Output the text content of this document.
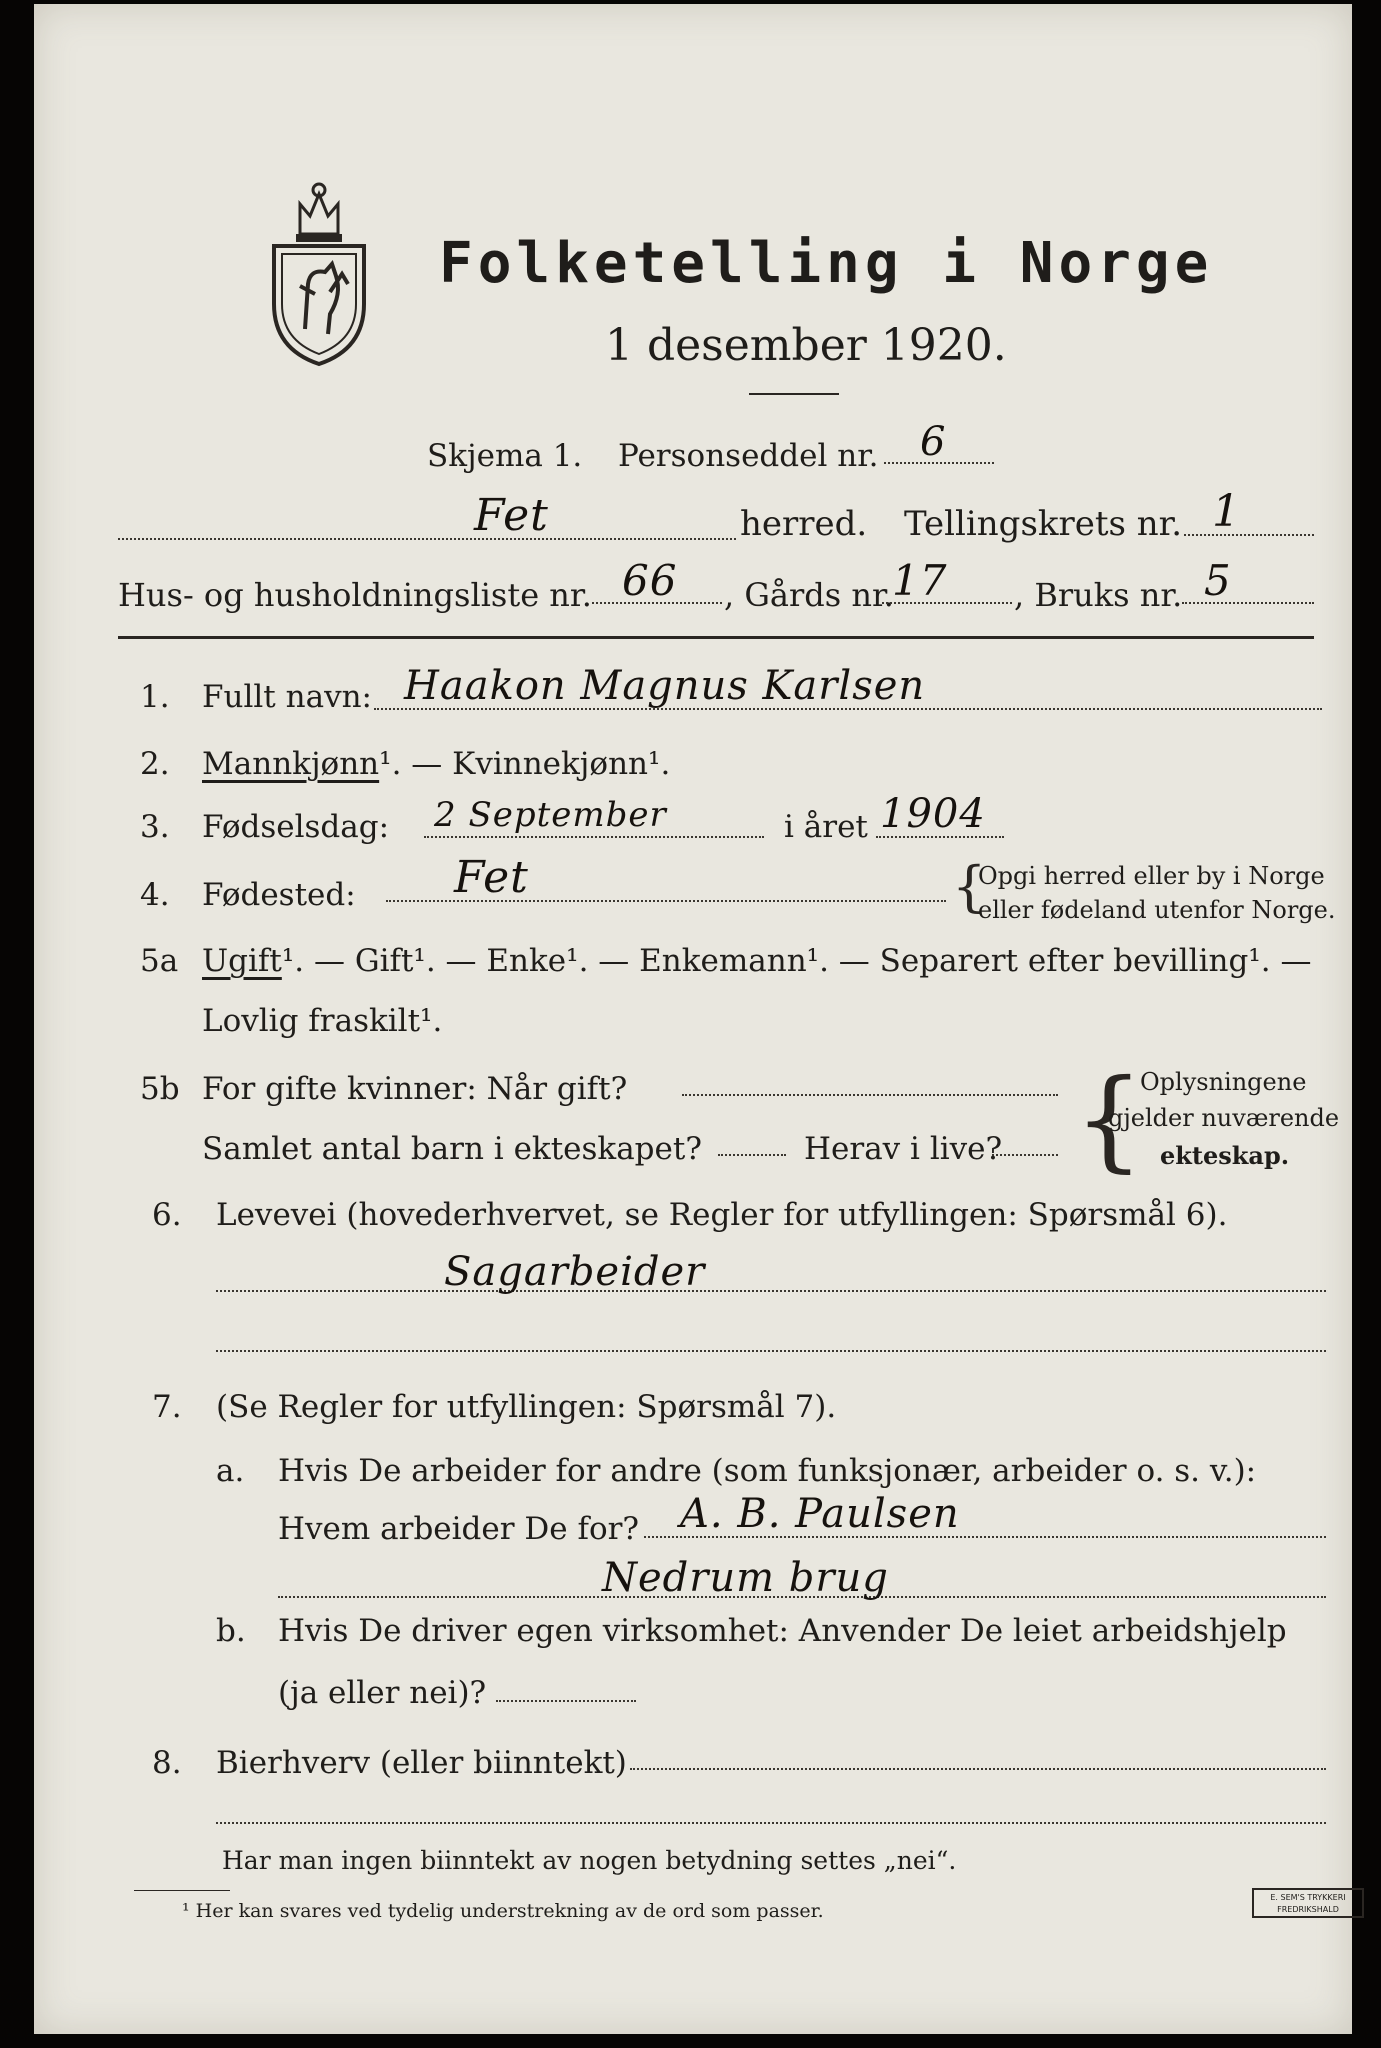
Folketelling i Norge
1 desember 1920.
Skjema 1. Personseddel nr. 6
Fet	herred. Tellingskrets nr. 1
Hus- og husholdningsliste nr. 66 , Gårds nr.
17 , Bruks nr. 5
1. Fullt navn: Haakon Magnus Karlsen
2. Mannkjønn¹. — Kvinnekjønn¹.
3. Fødselsdag: 2 September	i året 1904
4. Fødested: Fet	{
Opgi herred eller by i Norge
eller fødeland utenfor Norge.
5a Ugift¹. — Gift¹. — Enke¹. — Enkemann¹. — Separert efter bevilling¹. —
Lovlig fraskilt¹.
5b For gifte kvinner: Når gift?
Samlet antal barn i ekteskapet?	Herav i live? {
Oplysningene
gjelder nuværende
ekteskap.
6. Levevei (hovederhvervet, se Regler for utfyllingen: Spørsmål 6).
Sagarbeider
7. (Se Regler for utfyllingen: Spørsmål 7).
a. Hvis De arbeider for andre (som funksjonær, arbeider o. s. v.):
Hvem arbeider De for? A. B. Paulsen
Nedrum brug
b. Hvis De driver egen virksomhet: Anvender De leiet arbeidshjelp
(ja eller nei)?
8. Bierhverv (eller biinntekt)
Har man ingen biinntekt av nogen betydning settes „nei“.
¹ Her kan svares ved tydelig understrekning av de ord som passer.
E. SEM'S TRYKKERI
FREDRIKSHALD
